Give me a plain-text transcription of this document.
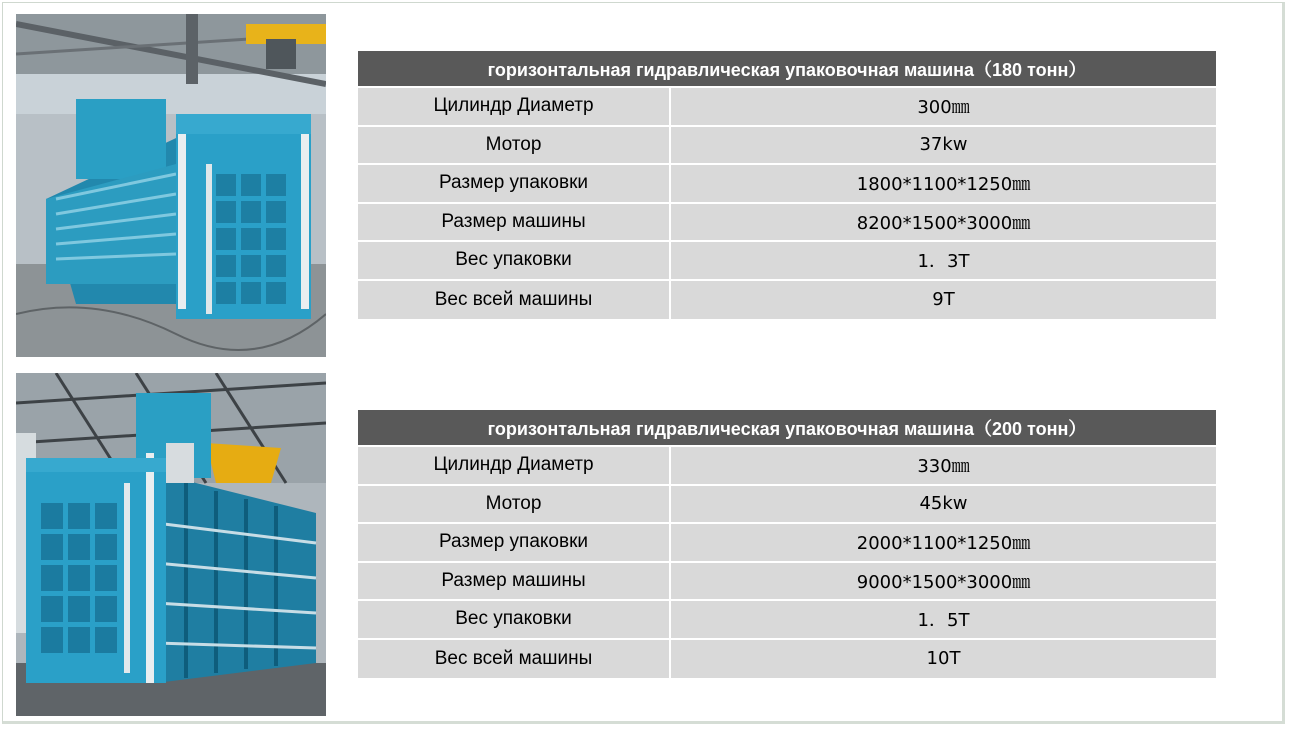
горизонтальная гидравлическая упаковочная машина（180 тонн）	
Цилиндр Диаметр	300㎜
Мотор	37kw
Размер упаковки	1800*1100*1250㎜
Размер машины	8200*1500*3000㎜
Вес упаковки	1．3T
Вес всей машины	9T
горизонтальная гидравлическая упаковочная машина（200 тонн）	
Цилиндр Диаметр	330㎜
Мотор	45kw
Размер упаковки	2000*1100*1250㎜
Размер машины	9000*1500*3000㎜
Вес упаковки	1．5T
Вес всей машины	10T
